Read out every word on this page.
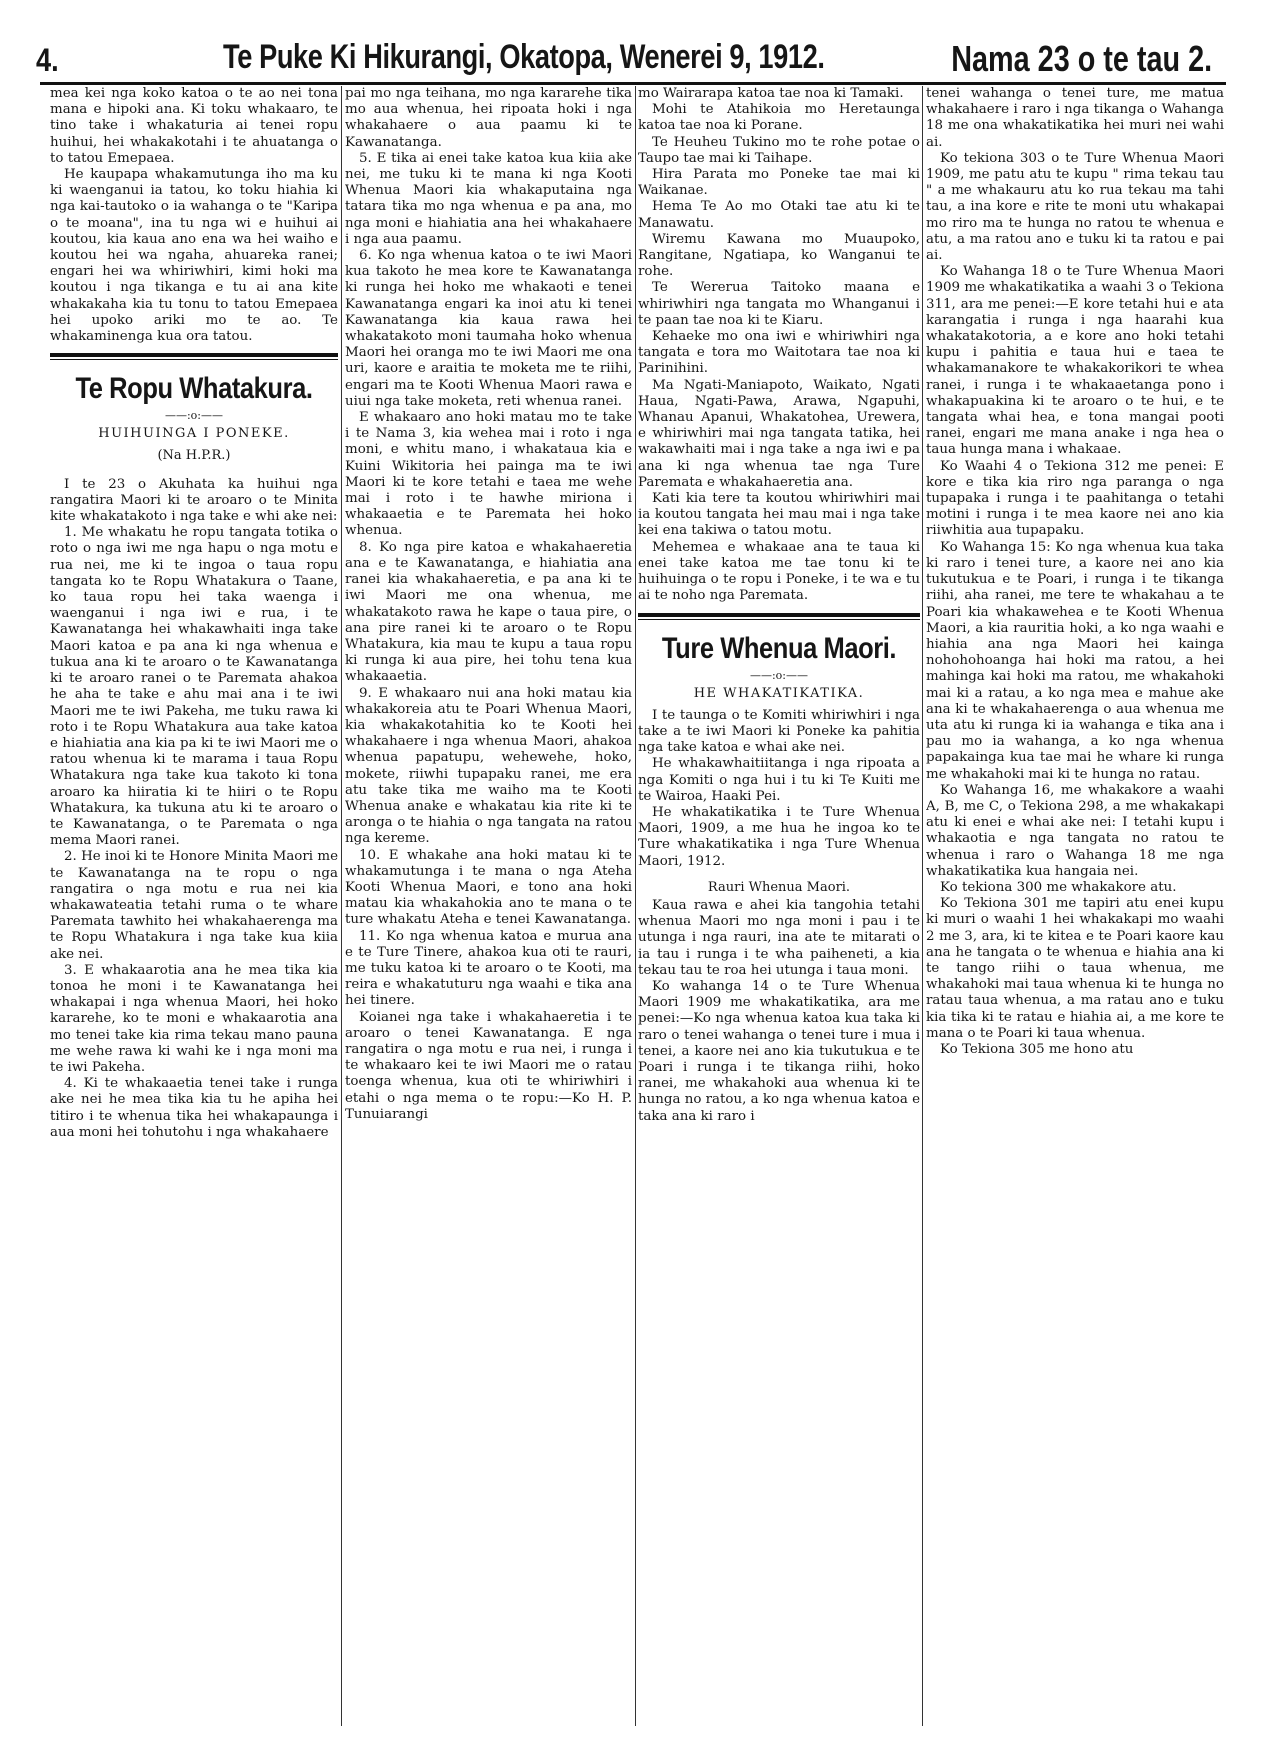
4.	Te Puke Ki Hikurangi, Okatopa, Wenerei 9, 1912.	Nama 23 o te tau 2.

mea kei nga koko katoa o te ao nei tona mana e hipoki ana. Ki toku whakaaro, te tino take i whakaturia ai tenei ropu huihui, hei whakakotahi i te ahuatanga o to tatou Emepaea.

He kaupapa whakamutunga iho ma ku ki waenganui ia tatou, ko toku hiahia ki nga kai-tautoko o ia wahanga o te "Karipa o te moana", ina tu nga wi e huihui ai koutou, kia kaua ano ena wa hei waiho e koutou hei wa ngaha, ahuareka ranei; engari hei wa whiriwhiri, kimi hoki ma koutou i nga tikanga e tu ai ana kite whakakaha kia tu tonu to tatou Emepaea hei upoko ariki mo te ao. Te whakaminenga kua ora tatou.

Te Ropu Whatakura.
——:o:——
HUIHUINGA I PONEKE.
(Na H.P.R.)

I te 23 o Akuhata ka huihui nga rangatira Maori ki te aroaro o te Minita kite whakatakoto i nga take e whi ake nei:

1. Me whakatu he ropu tangata totika o roto o nga iwi me nga hapu o nga motu e rua nei, me ki te ingoa o taua ropu tangata ko te Ropu Whatakura o Taane, ko taua ropu hei taka waenga i waenganui i nga iwi e rua, i te Kawanatanga hei whakawhaiti inga take Maori katoa e pa ana ki nga whenua e tukua ana ki te aroaro o te Kawanatanga ki te aroaro ranei o te Paremata ahakoa he aha te take e ahu mai ana i te iwi Maori me te iwi Pakeha, me tuku rawa ki roto i te Ropu Whatakura aua take katoa e hiahiatia ana kia pa ki te iwi Maori me o ratou whenua ki te marama i taua Ropu Whatakura nga take kua takoto ki tona aroaro ka hiiratia ki te hiiri o te Ropu Whatakura, ka tukuna atu ki te aroaro o te Kawanatanga, o te Paremata o nga mema Maori ranei.

2. He inoi ki te Honore Minita Maori me te Kawanatanga na te ropu o nga rangatira o nga motu e rua nei kia whakawateatia tetahi ruma o te whare Paremata tawhito hei whakahaerenga ma te Ropu Whatakura i nga take kua kiia ake nei.

3. E whakaarotia ana he mea tika kia tonoa he moni i te Kawanatanga hei whakapai i nga whenua Maori, hei hoko kararehe, ko te moni e whakaarotia ana mo tenei take kia rima tekau mano pauna me wehe rawa ki wahi ke i nga moni ma te iwi Pakeha.

4. Ki te whakaaetia tenei take i runga ake nei he mea tika kia tu he apiha hei titiro i te whenua tika hei whakapaunga i aua moni hei tohutohu i nga whakahaere

pai mo nga teihana, mo nga kararehe tika mo aua whenua, hei ripoata hoki i nga whakahaere o aua paamu ki te Kawanatanga.

5. E tika ai enei take katoa kua kiia ake nei, me tuku ki te mana ki nga Kooti Whenua Maori kia whakaputaina nga tatara tika mo nga whenua e pa ana, mo nga moni e hiahiatia ana hei whakahaere i nga aua paamu.

6. Ko nga whenua katoa o te iwi Maori kua takoto he mea kore te Kawanatanga ki runga hei hoko me whakaoti e tenei Kawanatanga engari ka inoi atu ki tenei Kawanatanga kia kaua rawa hei whakatakoto moni taumaha hoko whenua Maori hei oranga mo te iwi Maori me ona uri, kaore e araitia te moketa me te riihi, engari ma te Kooti Whenua Maori rawa e uiui nga take moketa, reti whenua ranei.

E whakaaro ano hoki matau mo te take i te Nama 3, kia wehea mai i roto i nga moni, e whitu mano, i whakataua kia e Kuini Wikitoria hei painga ma te iwi Maori ki te kore tetahi e taea me wehe mai i roto i te hawhe miriona i whakaaetia e te Paremata hei hoko whenua.

8. Ko nga pire katoa e whakahaeretia ana e te Kawanatanga, e hiahiatia ana ranei kia whakahaeretia, e pa ana ki te iwi Maori me ona whenua, me whakatakoto rawa he kape o taua pire, o ana pire ranei ki te aroaro o te Ropu Whatakura, kia mau te kupu a taua ropu ki runga ki aua pire, hei tohu tena kua whakaaetia.

9. E whakaaro nui ana hoki matau kia whakakoreia atu te Poari Whenua Maori, kia whakakotahitia ko te Kooti hei whakahaere i nga whenua Maori, ahakoa whenua papatupu, wehewehe, hoko, mokete, riiwhi tupapaku ranei, me era atu take tika me waiho ma te Kooti Whenua anake e whakatau kia rite ki te aronga o te hiahia o nga tangata na ratou nga kereme.

10. E whakahe ana hoki matau ki te whakamutunga i te mana o nga Ateha Kooti Whenua Maori, e tono ana hoki matau kia whakahokia ano te mana o te ture whakatu Ateha e tenei Kawanatanga.

11. Ko nga whenua katoa e murua ana e te Ture Tinere, ahakoa kua oti te rauri, me tuku katoa ki te aroaro o te Kooti, ma reira e whakatuturu nga waahi e tika ana hei tinere.

Koianei nga take i whakahaeretia i te aroaro o tenei Kawanatanga. E nga rangatira o nga motu e rua nei, i runga i te whakaaro kei te iwi Maori me o ratau toenga whenua, kua oti te whiriwhiri i etahi o nga mema o te ropu:—Ko H. P. Tunuiarangi

mo Wairarapa katoa tae noa ki Tamaki.

Mohi te Atahikoia mo Heretaunga katoa tae noa ki Porane.

Te Heuheu Tukino mo te rohe potae o Taupo tae mai ki Taihape.

Hira Parata mo Poneke tae mai ki Waikanae.

Hema Te Ao mo Otaki tae atu ki te Manawatu.

Wiremu Kawana mo Muaupoko, Rangitane, Ngatiapa, ko Wanganui te rohe.

Te Wererua Taitoko maana e whiriwhiri nga tangata mo Whanganui i te paan tae noa ki te Kiaru.

Kehaeke mo ona iwi e whiriwhiri nga tangata e tora mo Waitotara tae noa ki Parinihini.

Ma Ngati-Maniapoto, Waikato, Ngati Haua, Ngati-Pawa, Arawa, Ngapuhi, Whanau Apanui, Whakatohea, Urewera, e whiriwhiri mai nga tangata tatika, hei wakawhaiti mai i nga take a nga iwi e pa ana ki nga whenua tae nga Ture Paremata e whakahaeretia ana.

Kati kia tere ta koutou whiriwhiri mai ia koutou tangata hei mau mai i nga take kei ena takiwa o tatou motu.

Mehemea e whakaae ana te taua ki enei take katoa me tae tonu ki te huihuinga o te ropu i Poneke, i te wa e tu ai te noho nga Paremata.

Ture Whenua Maori.
——:o:——
HE WHAKATIKATIKA.

I te taunga o te Komiti whiriwhiri i nga take a te iwi Maori ki Poneke ka pahitia nga take katoa e whai ake nei.

He whakawhaitiitanga i nga ripoata a nga Komiti o nga hui i tu ki Te Kuiti me te Wairoa, Haaki Pei.

He whakatikatika i te Ture Whenua Maori, 1909, a me hua he ingoa ko te Ture whakatikatika i nga Ture Whenua Maori, 1912.

Rauri Whenua Maori.

Kaua rawa e ahei kia tangohia tetahi whenua Maori mo nga moni i pau i te utunga i nga rauri, ina ate te mitarati o ia tau i runga i te wha paiheneti, a kia tekau tau te roa hei utunga i taua moni.

Ko wahanga 14 o te Ture Whenua Maori 1909 me whakatikatika, ara me penei:—Ko nga whenua katoa kua taka ki raro o tenei wahanga o tenei ture i mua i tenei, a kaore nei ano kia tukutukua e te Poari i runga i te tikanga riihi, hoko ranei, me whakahoki aua whenua ki te hunga no ratou, a ko nga whenua katoa e taka ana ki raro i

tenei wahanga o tenei ture, me matua whakahaere i raro i nga tikanga o Wahanga 18 me ona whakatikatika hei muri nei wahi ai.

Ko tekiona 303 o te Ture Whenua Maori 1909, me patu atu te kupu " rima tekau tau " a me whakauru atu ko rua tekau ma tahi tau, a ina kore e rite te moni utu whakapai mo riro ma te hunga no ratou te whenua e atu, a ma ratou ano e tuku ki ta ratou e pai ai.

Ko Wahanga 18 o te Ture Whenua Maori 1909 me whakatikatika a waahi 3 o Tekiona 311, ara me penei:—E kore tetahi hui e ata karangatia i runga i nga haarahi kua whakatakotoria, a e kore ano hoki tetahi kupu i pahitia e taua hui e taea te whakamanakore te whakakorikori te whea ranei, i runga i te whakaaetanga pono i whakapuakina ki te aroaro o te hui, e te tangata whai hea, e tona mangai pooti ranei, engari me mana anake i nga hea o taua hunga mana i whakaae.

Ko Waahi 4 o Tekiona 312 me penei: E kore e tika kia riro nga paranga o nga tupapaka i runga i te paahitanga o tetahi motini i runga i te mea kaore nei ano kia riiwhitia aua tupapaku.

Ko Wahanga 15: Ko nga whenua kua taka ki raro i tenei ture, a kaore nei ano kia tukutukua e te Poari, i runga i te tikanga riihi, aha ranei, me tere te whakahau a te Poari kia whakawehea e te Kooti Whenua Maori, a kia rauritia hoki, a ko nga waahi e hiahia ana nga Maori hei kainga nohohohoanga hai hoki ma ratou, a hei mahinga kai hoki ma ratou, me whakahoki mai ki a ratau, a ko nga mea e mahue ake ana ki te whakahaerenga o aua whenua me uta atu ki runga ki ia wahanga e tika ana i pau mo ia wahanga, a ko nga whenua papakainga kua tae mai he whare ki runga me whakahoki mai ki te hunga no ratau.

Ko Wahanga 16, me whakakore a waahi A, B, me C, o Tekiona 298, a me whakakapi atu ki enei e whai ake nei: I tetahi kupu i whakaotia e nga tangata no ratou te whenua i raro o Wahanga 18 me nga whakatikatika kua hangaia nei.

Ko tekiona 300 me whakakore atu.

Ko Tekiona 301 me tapiri atu enei kupu ki muri o waahi 1 hei whakakapi mo waahi 2 me 3, ara, ki te kitea e te Poari kaore kau ana he tangata o te whenua e hiahia ana ki te tango riihi o taua whenua, me whakahoki mai taua whenua ki te hunga no ratau taua whenua, a ma ratau ano e tuku kia tika ki te ratau e hiahia ai, a me kore te mana o te Poari ki taua whenua.

Ko Tekiona 305 me hono atu
